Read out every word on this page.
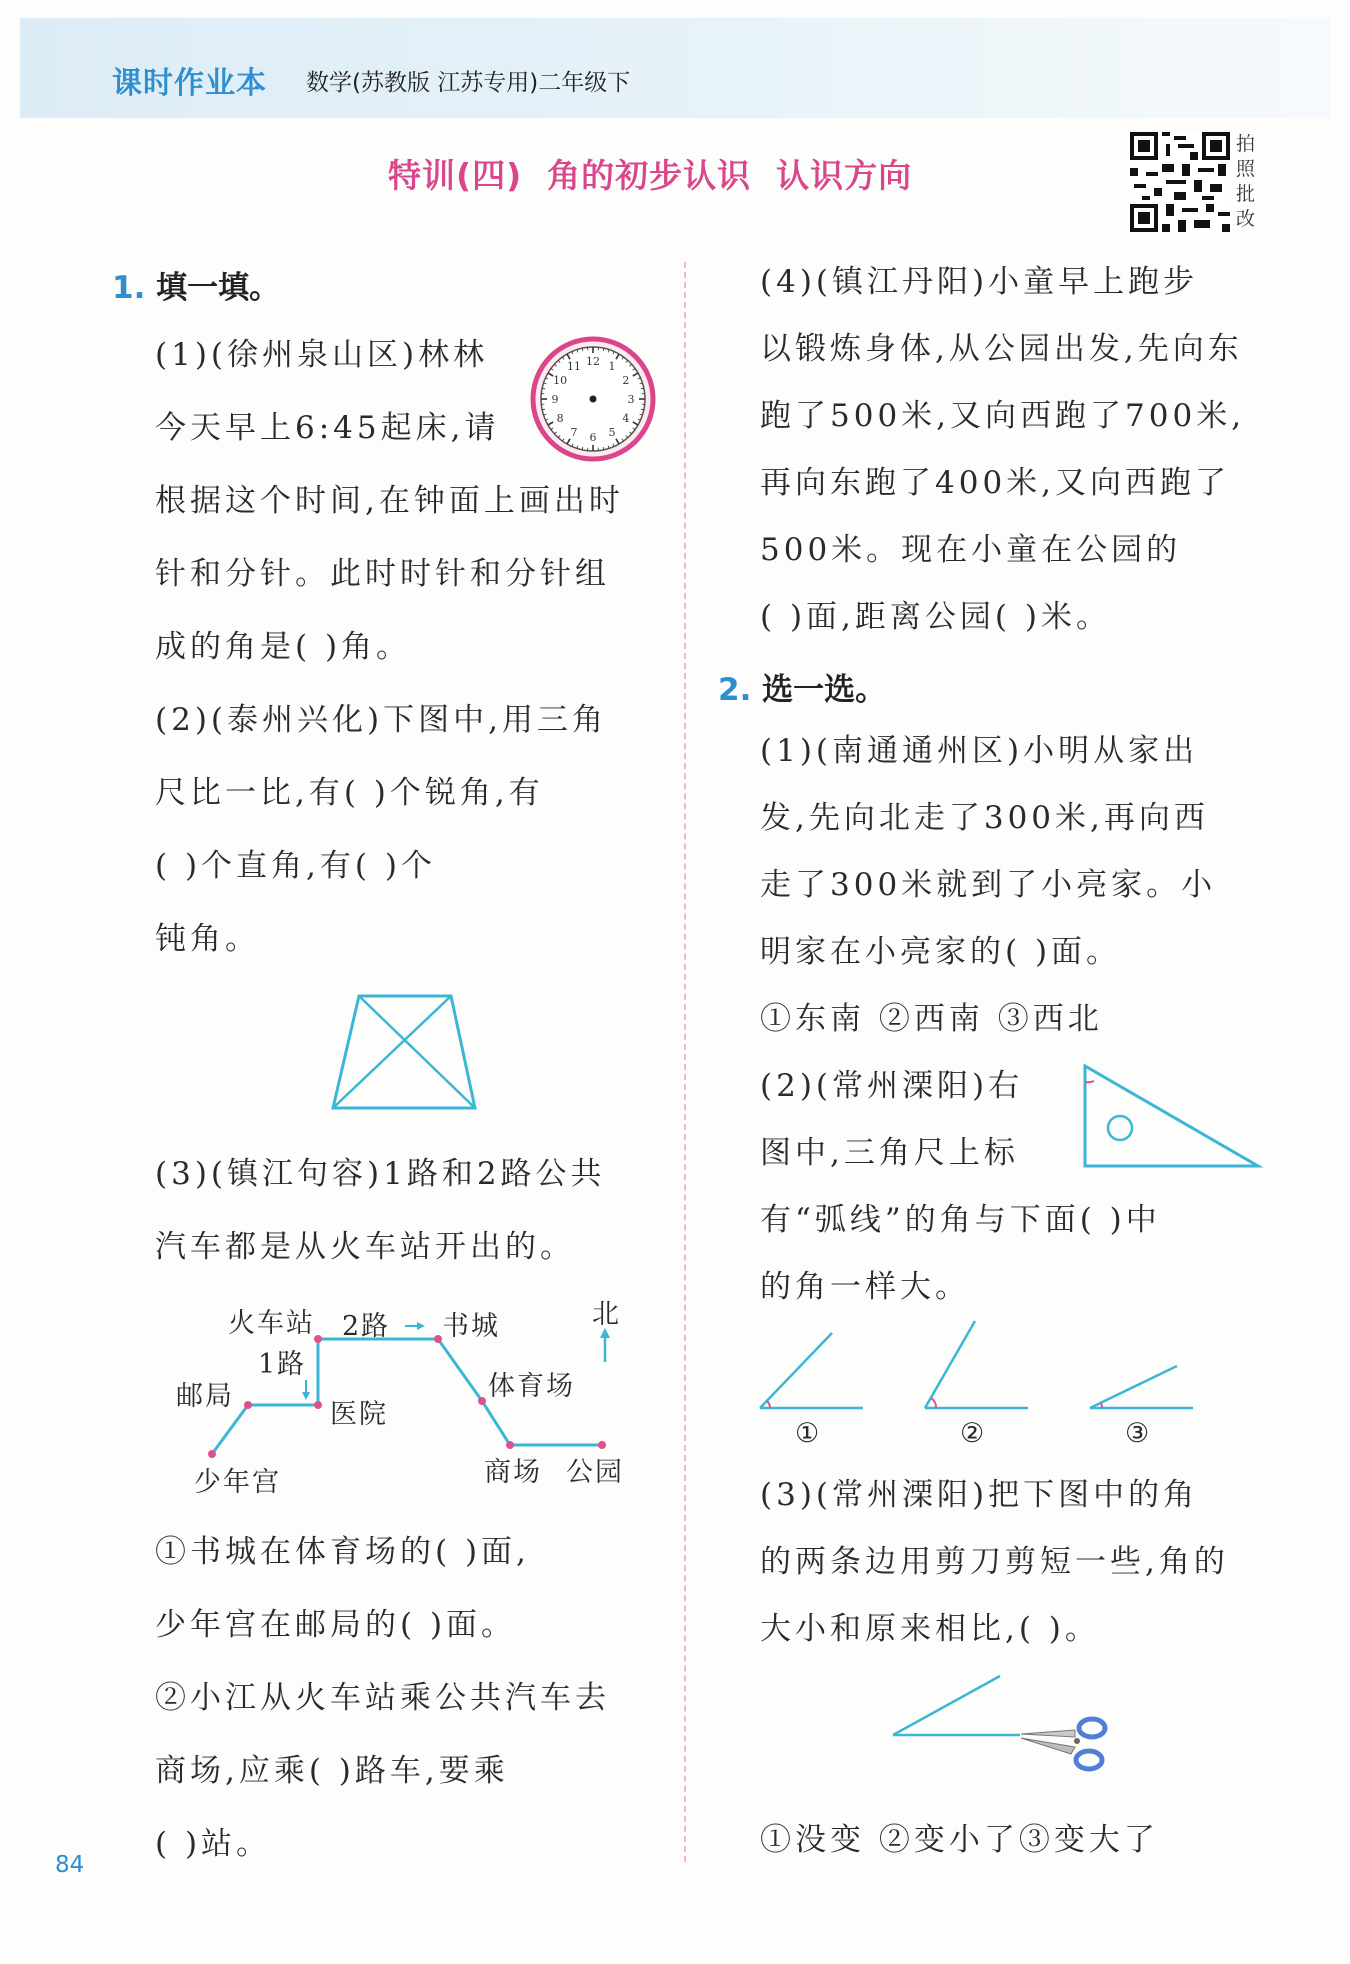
课时作业本 数学(苏教版 江苏专用)二年级下
特训(四)  角的初步认识  认识方向
拍照批改
1. 填一填。
(1)(徐州泉山区)林林
今天早上6:45起床,请
根据这个时间,在钟面上画出时
针和分针。此时时针和分针组
成的角是( )角。
12 1
2
3
4
5
6
7
8
9
10
11
(2)(泰州兴化)下图中,用三角
尺比一比,有( )个锐角,有
( )个直角,有( )个
钝角。
(3)(镇江句容)1路和2路公共
汽车都是从火车站开出的。
火车站 2路 书城	北
1路
邮局
医院
体育场
少年宫	商场 公园
①书城在体育场的( )面,
少年宫在邮局的( )面。
②小江从火车站乘公共汽车去
商场,应乘( )路车,要乘
( )站。
84
(4)(镇江丹阳)小童早上跑步
以锻炼身体,从公园出发,先向东
跑了500米,又向西跑了700米,
再向东跑了400米,又向西跑了
500米。现在小童在公园的
( )面,距离公园( )米。
2. 选一选。
(1)(南通通州区)小明从家出
发,先向北走了300米,再向西
走了300米就到了小亮家。小
明家在小亮家的( )面。
①东南 ②西南 ③西北
(2)(常州溧阳)右
图中,三角尺上标
有“弧线”的角与下面( )中
的角一样大。
①	②	③
(3)(常州溧阳)把下图中的角
的两条边用剪刀剪短一些,角的
大小和原来相比,( )。
①没变 ②变小了③变大了
